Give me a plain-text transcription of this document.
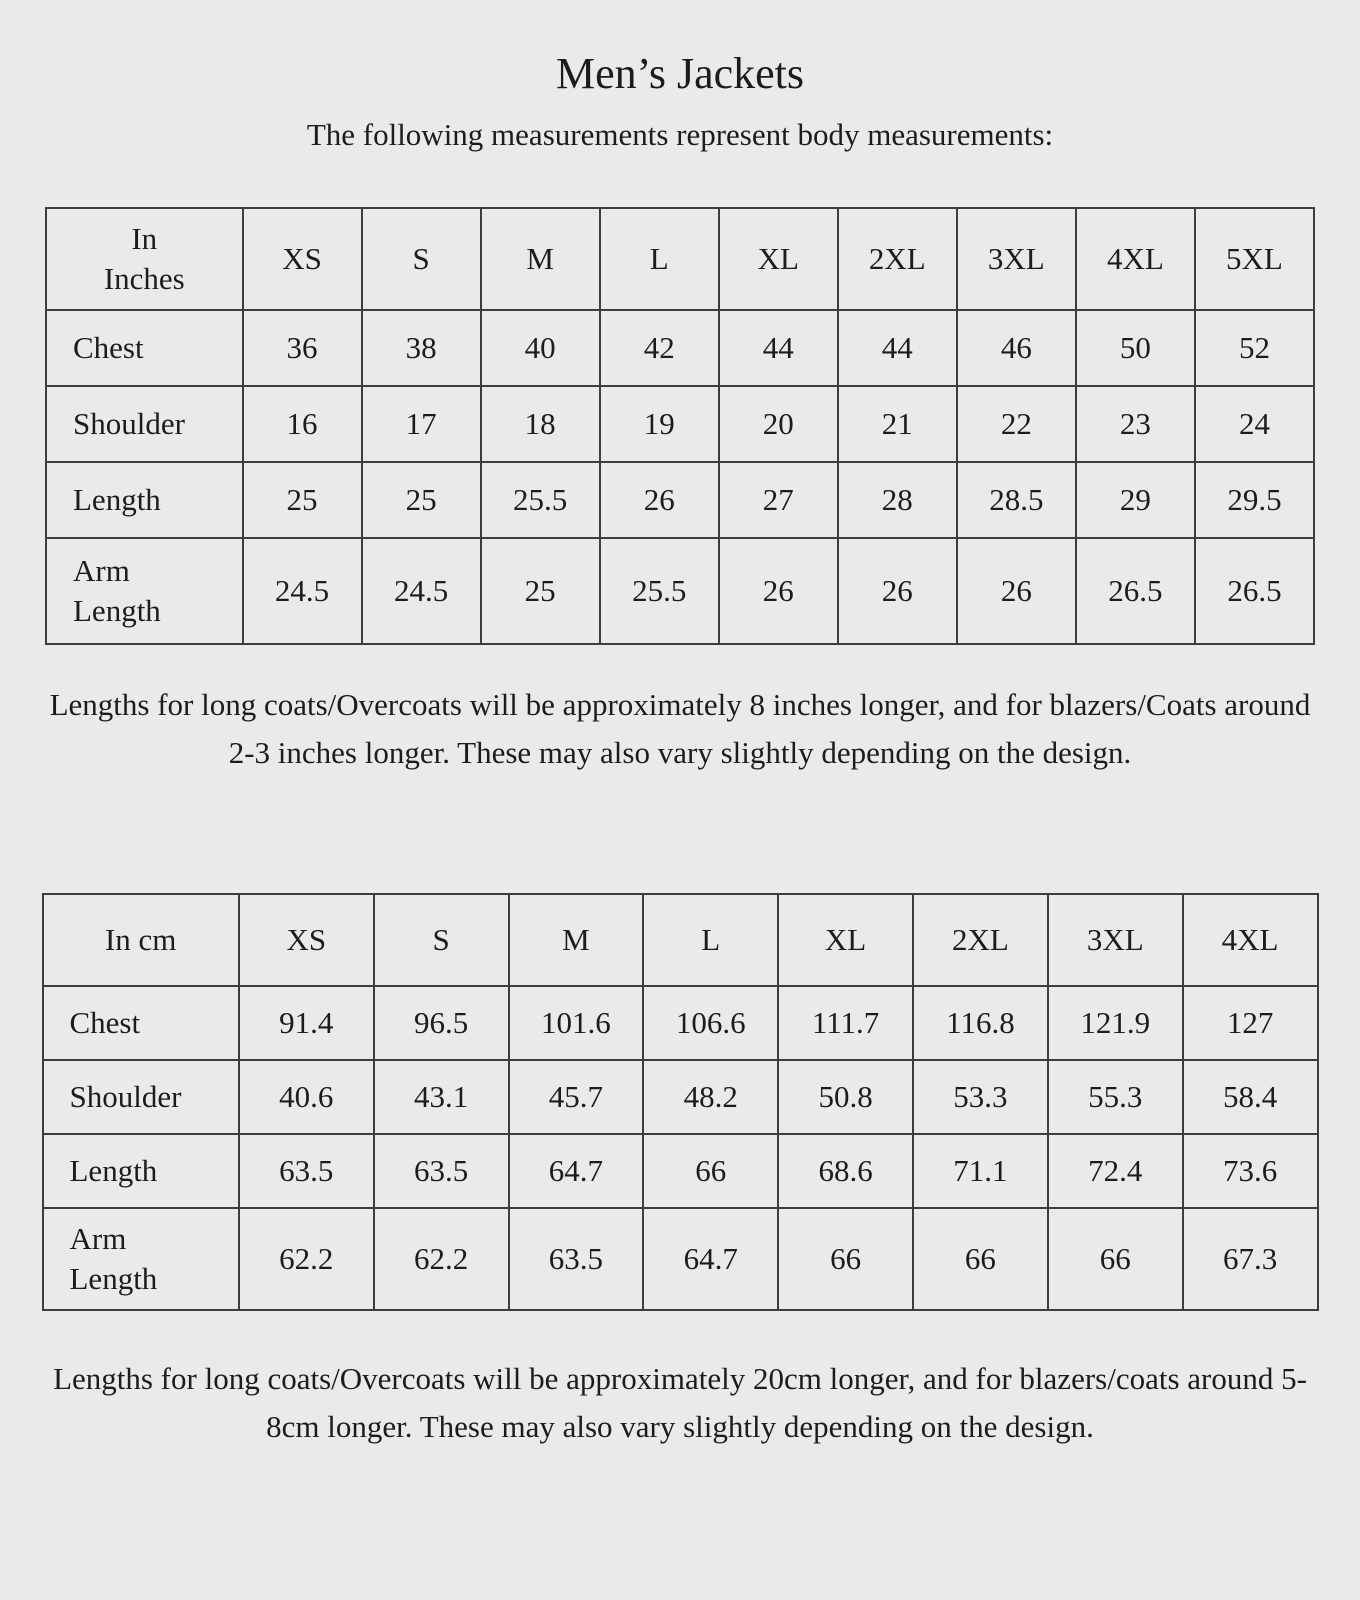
Men’s Jackets

The following measurements represent body measurements:

In Inches	XS	S	M	L	XL	2XL	3XL	4XL	5XL
Chest	36	38	40	42	44	44	46	50	52
Shoulder	16	17	18	19	20	21	22	23	24
Length	25	25	25.5	26	27	28	28.5	29	29.5
Arm Length	24.5	24.5	25	25.5	26	26	26	26.5	26.5

Lengths for long coats/Overcoats will be approximately 8 inches longer, and for blazers/Coats around 2-3 inches longer. These may also vary slightly depending on the design.

In cm	XS	S	M	L	XL	2XL	3XL	4XL
Chest	91.4	96.5	101.6	106.6	111.7	116.8	121.9	127
Shoulder	40.6	43.1	45.7	48.2	50.8	53.3	55.3	58.4
Length	63.5	63.5	64.7	66	68.6	71.1	72.4	73.6
Arm Length	62.2	62.2	63.5	64.7	66	66	66	67.3

Lengths for long coats/Overcoats will be approximately 20cm longer, and for blazers/coats around 5-8cm longer. These may also vary slightly depending on the design.
